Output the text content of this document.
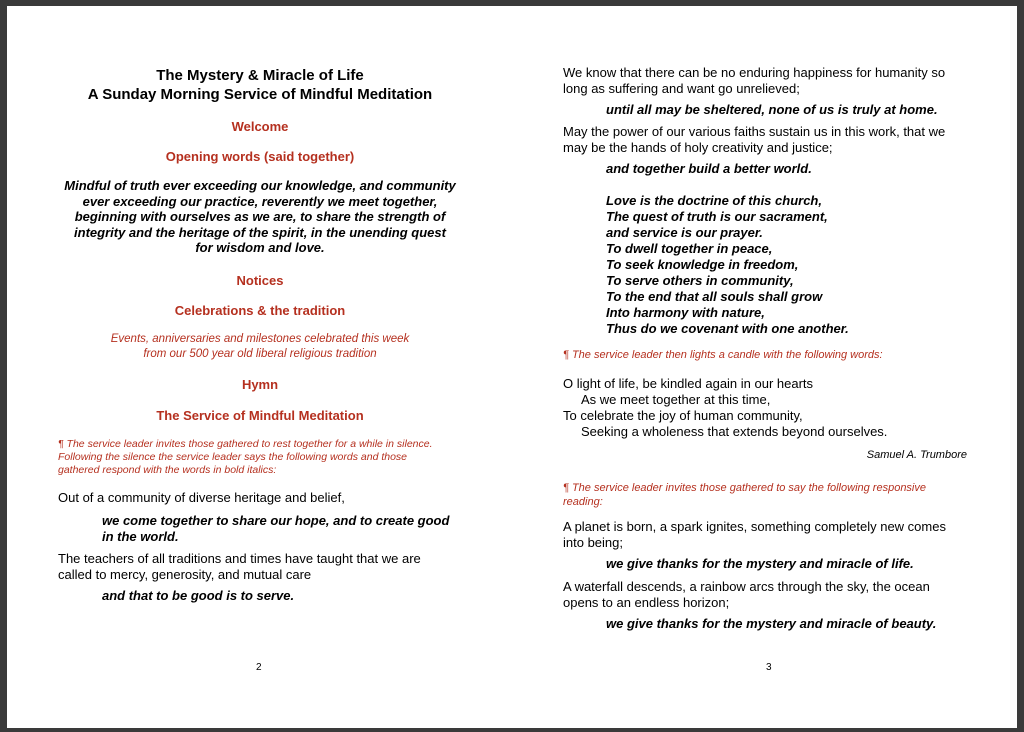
The Mystery & Miracle of Life
A Sunday Morning Service of Mindful Meditation
Welcome
Opening words (said together)
Mindful of truth ever exceeding our knowledge, and community
ever exceeding our practice, reverently we meet together,
beginning with ourselves as we are, to share the strength of
integrity and the heritage of the spirit, in the unending quest
for wisdom and love.
Notices
Celebrations & the tradition
Events, anniversaries and milestones celebrated this week
from our 500 year old liberal religious tradition
Hymn
The Service of Mindful Meditation
¶ The service leader invites those gathered to rest together for a while in silence.
Following the silence the service leader says the following words and those
gathered respond with the words in bold italics:
Out of a community of diverse heritage and belief,
we come together to share our hope, and to create good
in the world.
The teachers of all traditions and times have taught that we are
called to mercy, generosity, and mutual care
and that to be good is to serve.
2
We know that there can be no enduring happiness for humanity so
long as suffering and want go unrelieved;
until all may be sheltered, none of us is truly at home.
May the power of our various faiths sustain us in this work, that we
may be the hands of holy creativity and justice;
and together build a better world.
Love is the doctrine of this church,
The quest of truth is our sacrament,
and service is our prayer.
To dwell together in peace,
To seek knowledge in freedom,
To serve others in community,
To the end that all souls shall grow
Into harmony with nature,
Thus do we covenant with one another.
¶ The service leader then lights a candle with the following words:
O light of life, be kindled again in our hearts
As we meet together at this time,
To celebrate the joy of human community,
Seeking a wholeness that extends beyond ourselves.
Samuel A. Trumbore
¶ The service leader invites those gathered to say the following responsive
reading:
A planet is born, a spark ignites, something completely new comes
into being;
we give thanks for the mystery and miracle of life.
A waterfall descends, a rainbow arcs through the sky, the ocean
opens to an endless horizon;
we give thanks for the mystery and miracle of beauty.
3
